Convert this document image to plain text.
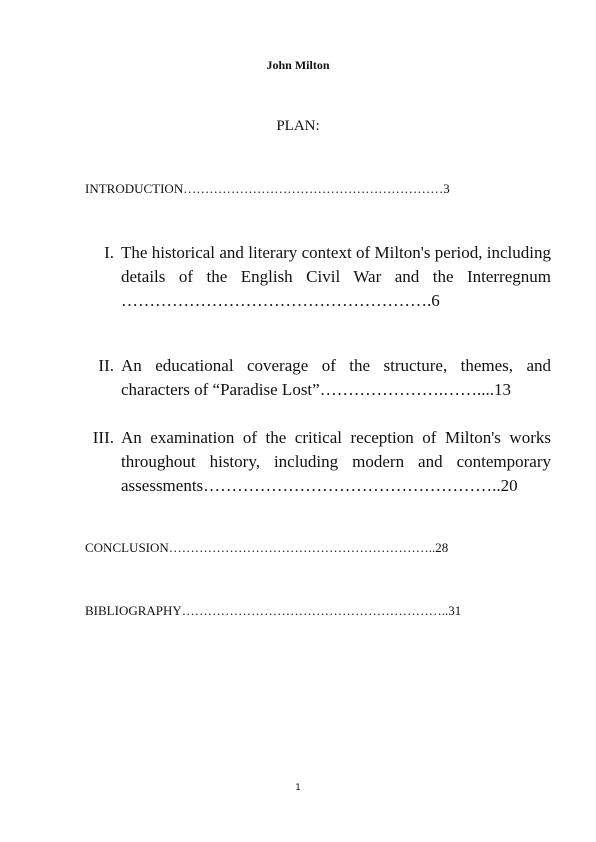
John Milton
PLAN:
INTRODUCTION……………………………………………………3
I. The historical and literary context of Milton's period, including details of the English Civil War and the Interregnum ……………………………………………….6
II. An educational coverage of the structure, themes, and characters of “Paradise Lost”………………….……....13
III. An examination of the critical reception of Milton's works throughout history, including modern and contemporary assessments……………………………………………..20
CONCLUSION……………………………………………………..28
BIBLIOGRAPHY……………………………………………………..31
1
